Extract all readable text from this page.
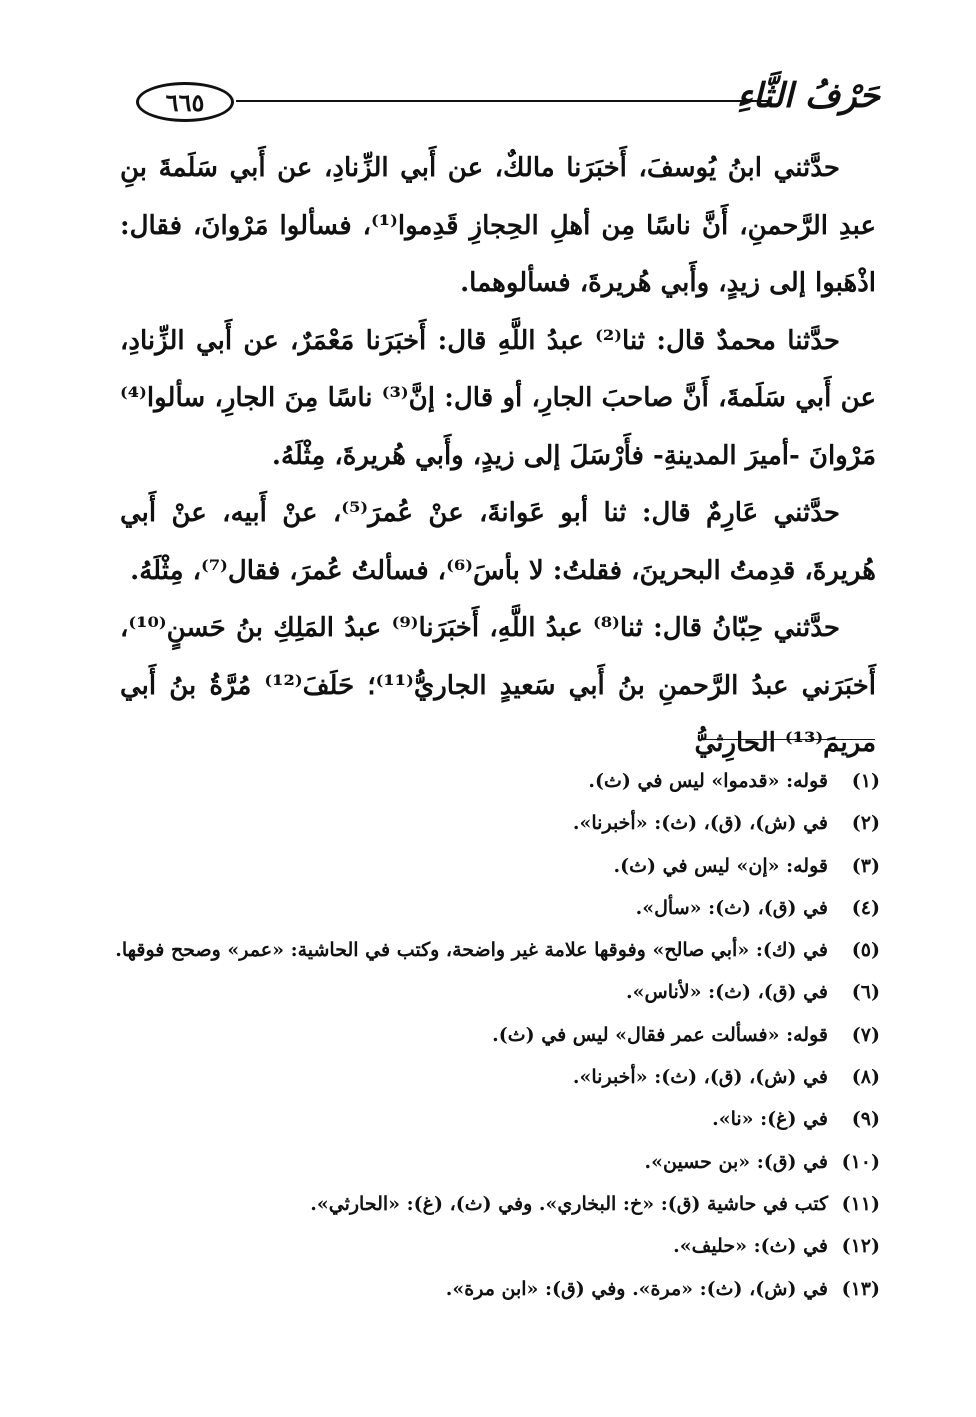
٦٦٥	حَرْفُ الثَّاءِ

حدَّثني ابنُ يُوسفَ، أَخبَرَنا مالكٌ، عن أَبي الزِّنادِ، عن أَبي سَلَمةَ بنِ عبدِ الرَّحمنِ، أَنَّ ناسًا مِن أهلِ الحِجازِ قَدِموا⁽¹⁾، فسألوا مَرْوانَ، فقال: اذْهَبوا إلى زيدٍ، وأَبي هُريرةَ، فسألوهما.

حدَّثنا محمدٌ قال: ثنا⁽²⁾ عبدُ اللَّهِ قال: أَخبَرَنا مَعْمَرٌ، عن أَبي الزِّنادِ، عن أَبي سَلَمةَ، أَنَّ صاحبَ الجارِ، أو قال: إنَّ⁽³⁾ ناسًا مِنَ الجارِ، سألوا⁽⁴⁾ مَرْوانَ -أميرَ المدينةِ- فأَرْسَلَ إلى زيدٍ، وأَبي هُريرةَ، مِثْلَهُ.

حدَّثني عَارِمٌ قال: ثنا أبو عَوانةَ، عنْ عُمرَ⁽⁵⁾، عنْ أَبيه، عنْ أَبي هُريرةَ، قدِمتُ البحرينَ، فقلتُ: لا بأسَ⁽⁶⁾، فسألتُ عُمرَ، فقال⁽⁷⁾، مِثْلَهُ.

حدَّثني حِبّانُ قال: ثنا⁽⁸⁾ عبدُ اللَّهِ، أَخبَرَنا⁽⁹⁾ عبدُ المَلِكِ بنُ حَسنٍ⁽¹⁰⁾، أَخبَرَني عبدُ الرَّحمنِ بنُ أَبي سَعيدٍ الجاريُّ⁽¹¹⁾؛ حَلَفَ⁽¹²⁾ مُرَّةُ بنُ أَبي مريمَ⁽¹³⁾ الحارِثيُّ

(١)قوله: «قدموا» ليس في (ث).

(٢)في (ش)، (ق)، (ث): «أخبرنا».

(٣)قوله: «إن» ليس في (ث).

(٤)في (ق)، (ث): «سأل».

(٥)في (ك): «أبي صالح» وفوقها علامة غير واضحة، وكتب في الحاشية: «عمر» وصحح فوقها.

(٦)في (ق)، (ث): «لأناس».

(٧)قوله: «فسألت عمر فقال» ليس في (ث).

(٨)في (ش)، (ق)، (ث): «أخبرنا».

(٩)في (غ): «نا».

(١٠)في (ق): «بن حسين».

(١١)كتب في حاشية (ق): «خ: البخاري». وفي (ث)، (غ): «الحارثي».

(١٢)في (ث): «حليف».

(١٣)في (ش)، (ث): «مرة». وفي (ق): «ابن مرة».
